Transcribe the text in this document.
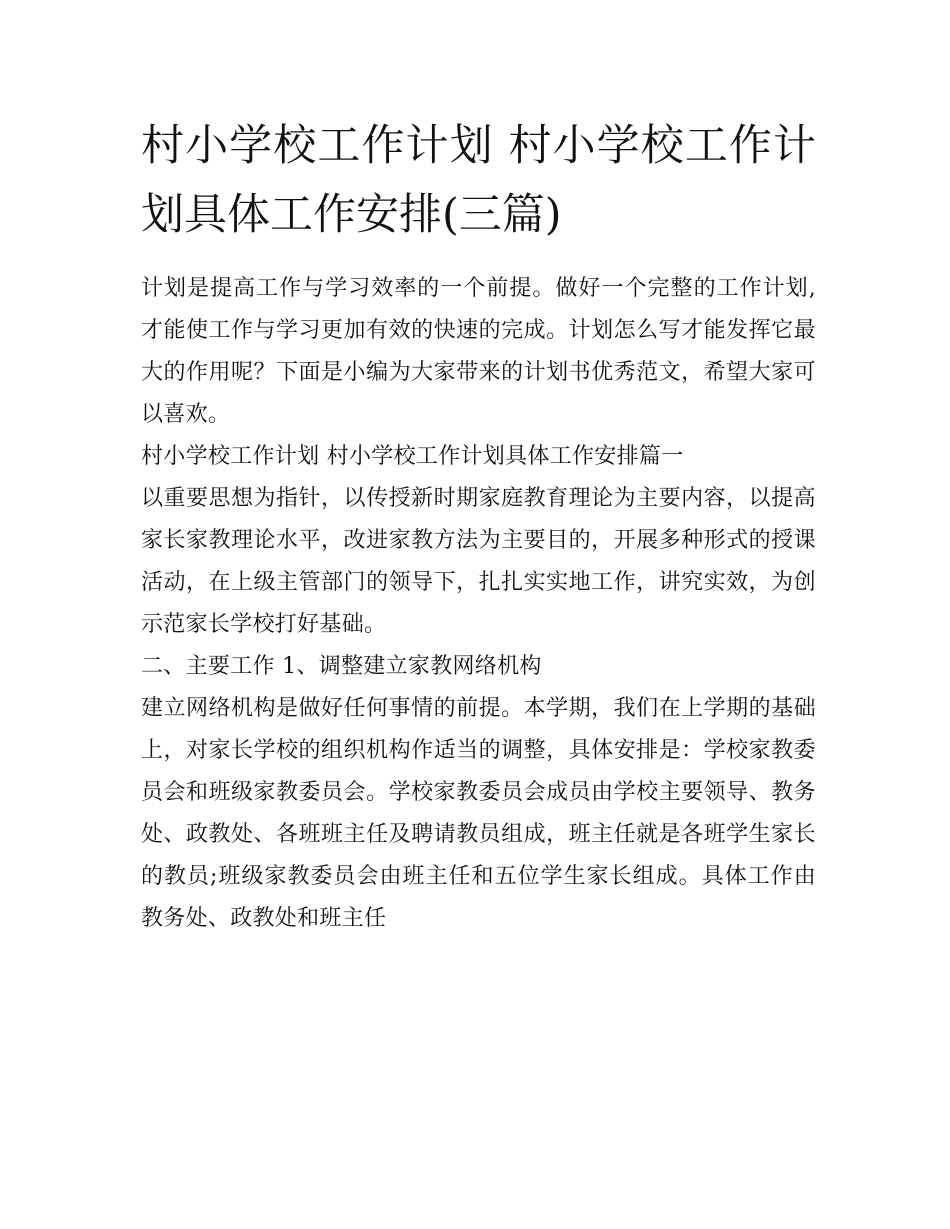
村小学校工作计划 村小学校工作计划具体工作安排(三篇)

计划是提高工作与学习效率的一个前提。做好一个完整的工作计划,才能使工作与学习更加有效的快速的完成。计划怎么写才能发挥它最大的作用呢？下面是小编为大家带来的计划书优秀范文，希望大家可以喜欢。

村小学校工作计划 村小学校工作计划具体工作安排篇一

以重要思想为指针，以传授新时期家庭教育理论为主要内容，以提高家长家教理论水平，改进家教方法为主要目的，开展多种形式的授课活动，在上级主管部门的领导下，扎扎实实地工作，讲究实效，为创示范家长学校打好基础。

二、主要工作 1、调整建立家教网络机构

建立网络机构是做好任何事情的前提。本学期，我们在上学期的基础上，对家长学校的组织机构作适当的调整，具体安排是：学校家教委员会和班级家教委员会。学校家教委员会成员由学校主要领导、教务处、政教处、各班班主任及聘请教员组成，班主任就是各班学生家长的教员;班级家教委员会由班主任和五位学生家长组成。具体工作由教务处、政教处和班主任
